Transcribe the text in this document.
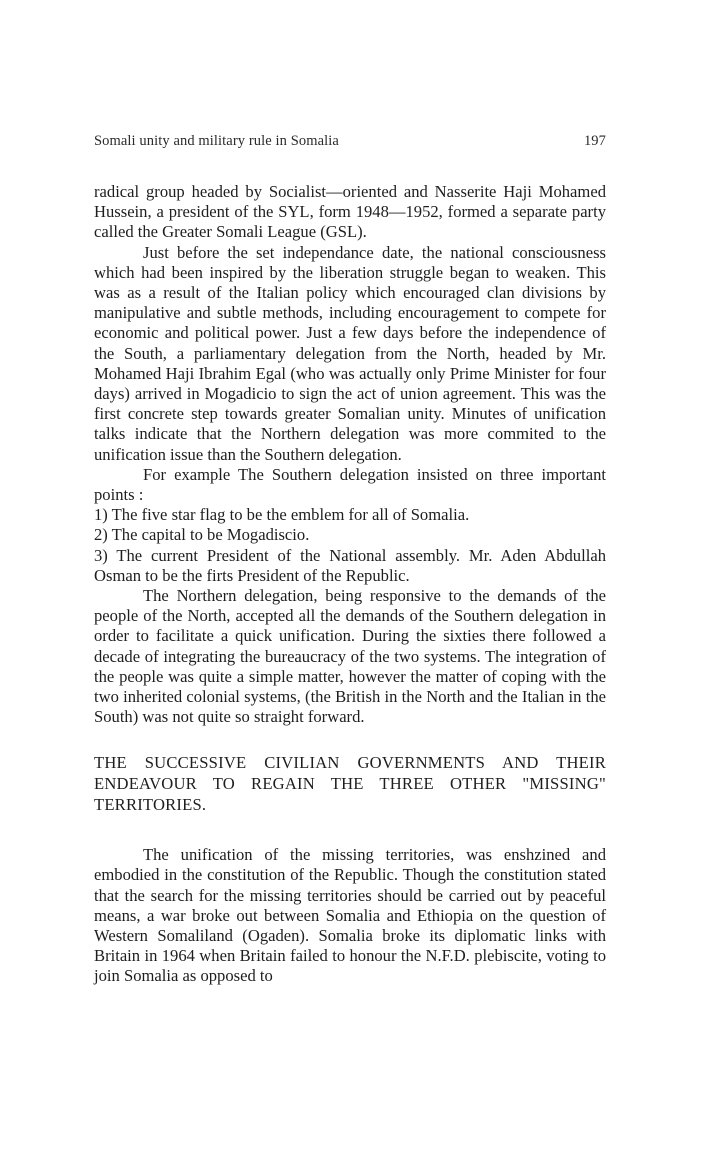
Somali unity and military rule in Somalia	197

radical group headed by Socialist—oriented and Nasserite Haji Mohamed Hussein, a president of the SYL, form 1948—1952, formed a separate party called the Greater Somali League (GSL).

Just before the set independance date, the national consciousness which had been inspired by the liberation struggle began to weaken. This was as a result of the Italian policy which encouraged clan divisions by manipulative and subtle methods, including encouragement to compete for economic and political power. Just a few days before the independence of the South, a parliamentary delegation from the North, headed by Mr. Mohamed Haji Ibrahim Egal (who was actually only Prime Minister for four days) arrived in Mogadicio to sign the act of union agreement. This was the first concrete step towards greater Somalian unity. Minutes of unification talks indicate that the Northern delegation was more commited to the unification issue than the Southern delegation.

For example The Southern delegation insisted on three important points :

1) The five star flag to be the emblem for all of Somalia.

2) The capital to be Mogadiscio.

3) The current President of the National assembly. Mr. Aden Abdullah Osman to be the firts President of the Republic.

The Northern delegation, being responsive to the demands of the people of the North, accepted all the demands of the Southern delegation in order to facilitate a quick unification. During the sixties there followed a decade of integrating the bureaucracy of the two systems. The integration of the people was quite a simple matter, however the matter of coping with the two inherited colonial systems, (the British in the North and the Italian in the South) was not quite so straight forward.

THE SUCCESSIVE CIVILIAN GOVERNMENTS AND THEIR ENDEAVOUR TO REGAIN THE THREE OTHER "MISSING" TERRITORIES.

The unification of the missing territories, was enshzined and embodied in the constitution of the Republic. Though the constitution stated that the search for the missing territories should be carried out by peaceful means, a war broke out between Somalia and Ethiopia on the question of Western Somaliland (Ogaden). Somalia broke its diplomatic links with Britain in 1964 when Britain failed to honour the N.F.D. plebiscite, voting to join Somalia as opposed to
